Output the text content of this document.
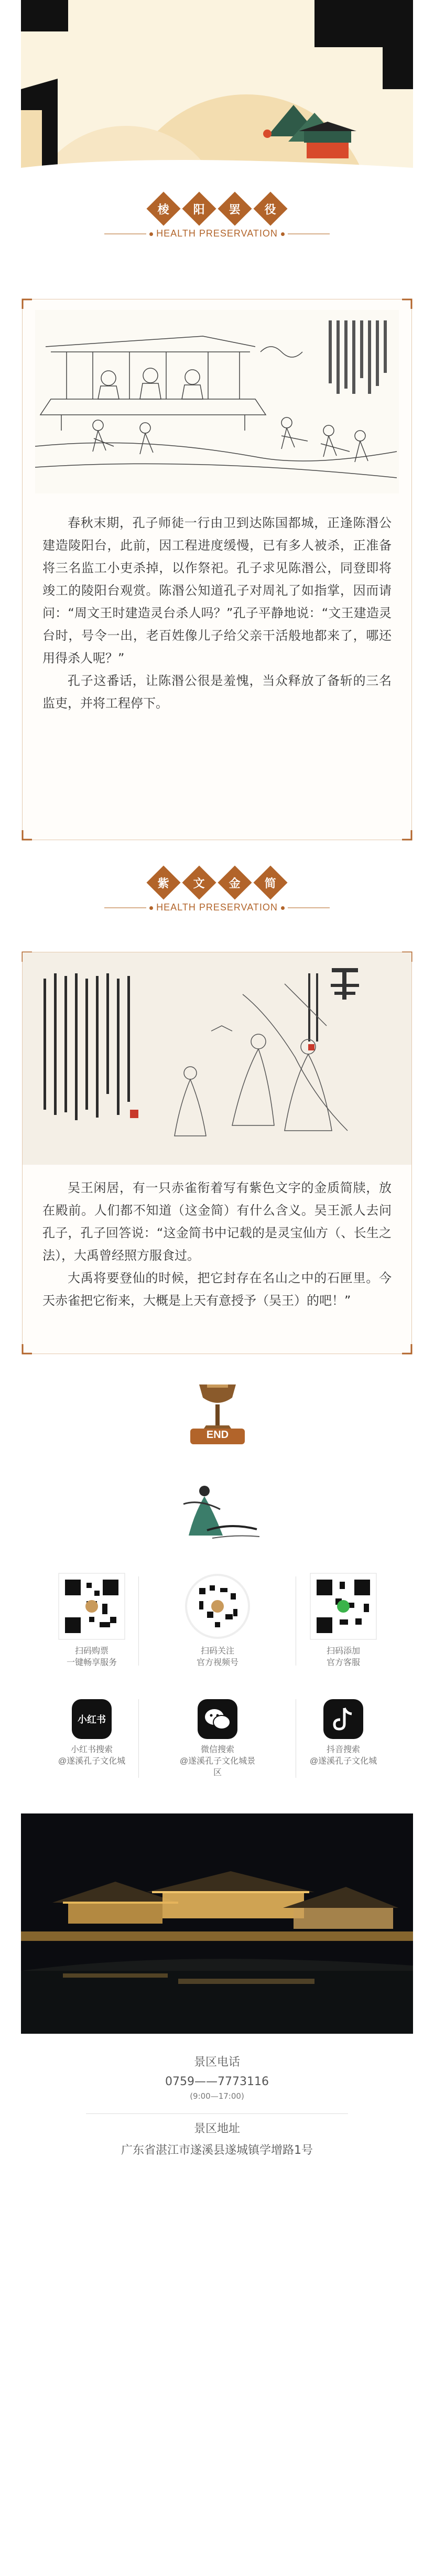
棱 阳 罢 役
HEALTH PRESERVATION

春秋末期，孔子师徒一行由卫到达陈国都城，正逢陈湣公建造陵阳台，此前，因工程进度缓慢，已有多人被杀，正准备将三名监工小吏杀掉，以作祭祀。孔子求见陈湣公，同登即将竣工的陵阳台观赏。陈湣公知道孔子对周礼了如指掌，因而请问：“周文王时建造灵台杀人吗？”孔子平静地说：“文王建造灵台时，号令一出，老百姓像儿子给父亲干活般地都来了，哪还用得杀人呢？”

孔子这番话，让陈湣公很是羞愧，当众释放了备斩的三名监吏，并将工程停下。

紫 文 金 简
HEALTH PRESERVATION

吴王闲居，有一只赤雀衔着写有紫色文字的金质简牍，放在殿前。人们都不知道（这金简）有什么含义。吴王派人去问孔子，孔子回答说：“这金简书中记载的是灵宝仙方（、长生之法），大禹曾经照方服食过。

大禹将要登仙的时候，把它封存在名山之中的石匣里。今天赤雀把它衔来，大概是上天有意授予（吴王）的吧！”

END
扫码购票
一键畅享服务
扫码关注
官方视频号
扫码添加
官方客服
小红书
小红书搜索
@遂溪孔子文化城
微信搜索
@遂溪孔子文化城景区
抖音搜索
@遂溪孔子文化城
景区电话
0759——7773116
(9:00—17:00)
景区地址
广东省湛江市遂溪县遂城镇学增路1号
